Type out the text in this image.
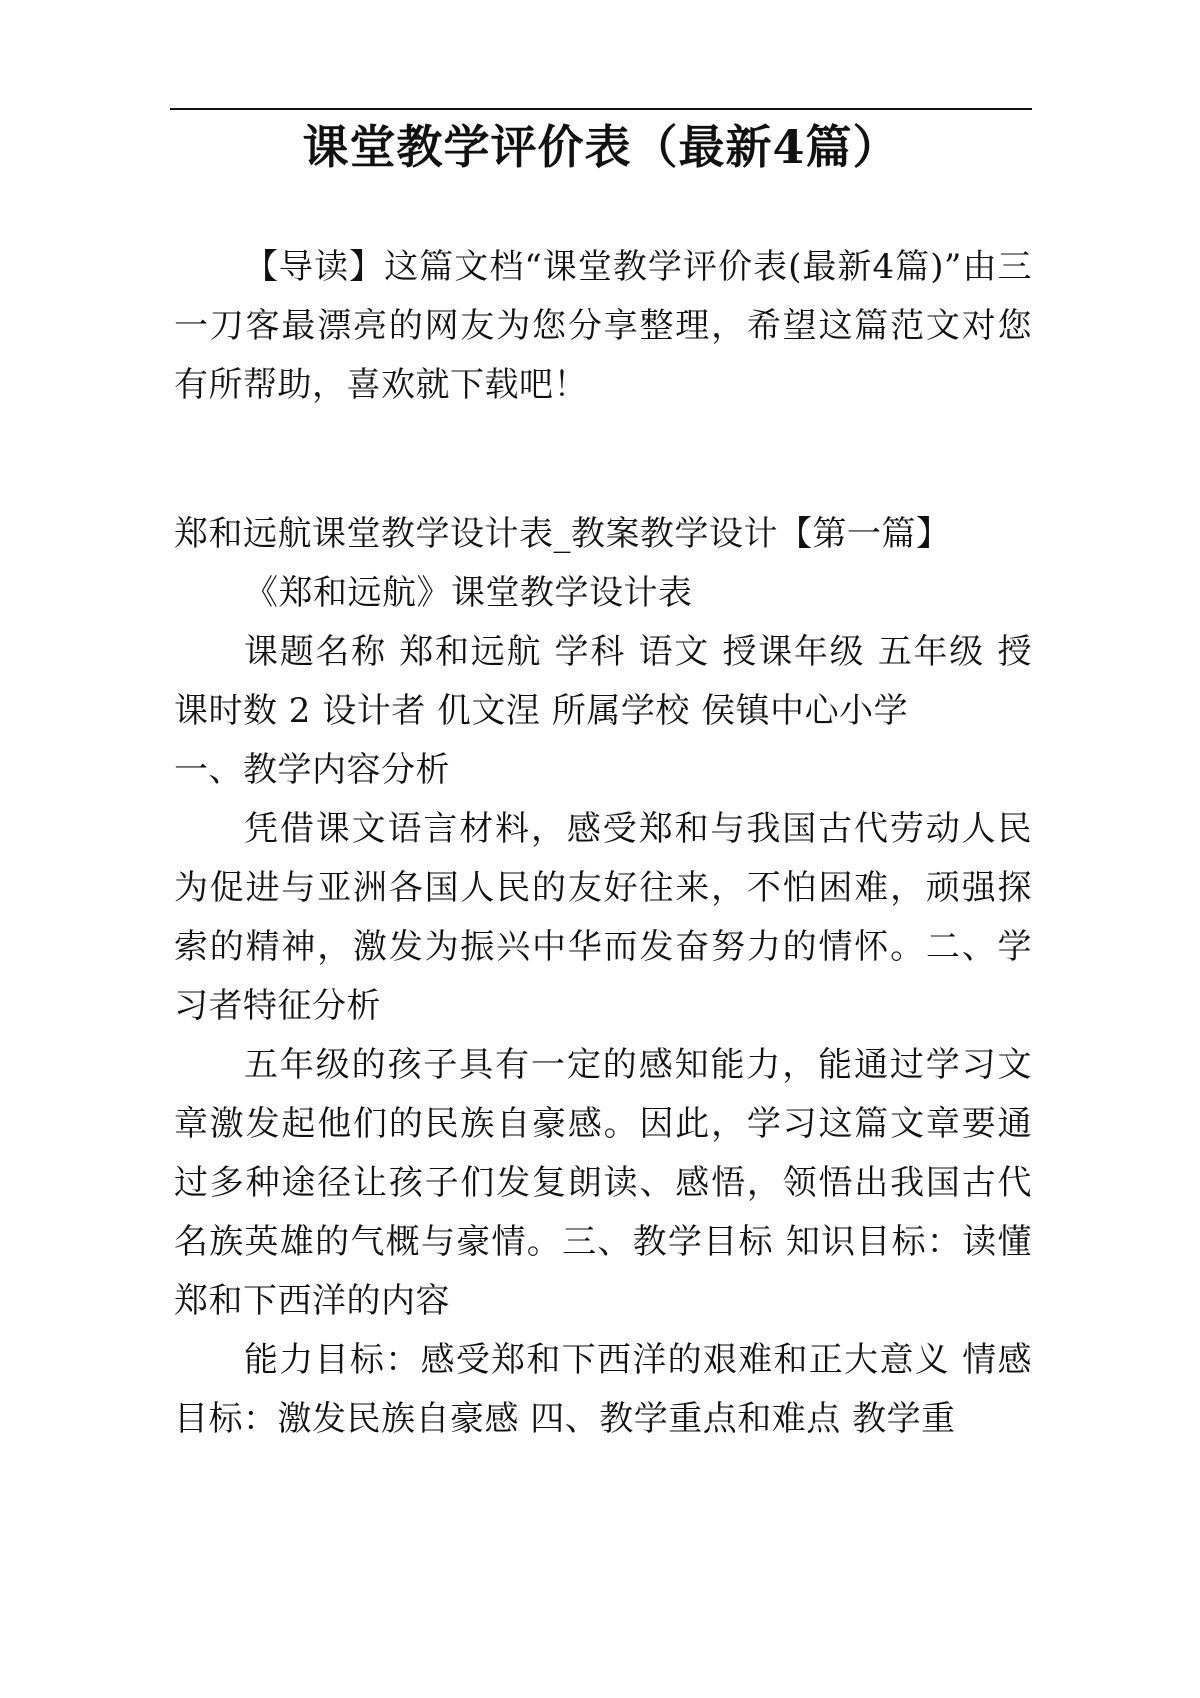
课堂教学评价表（最新4篇）

【导读】这篇文档“课堂教学评价表(最新4篇)”由三一刀客最漂亮的网友为您分享整理，希望这篇范文对您有所帮助，喜欢就下载吧！

郑和远航课堂教学设计表_教案教学设计【第一篇】

《郑和远航》课堂教学设计表

课题名称 郑和远航 学科 语文 授课年级 五年级 授课时数 2 设计者 仉文涅 所属学校 侯镇中心小学

一、教学内容分析

凭借课文语言材料，感受郑和与我国古代劳动人民为促进与亚洲各国人民的友好往来，不怕困难，顽强探索的精神，激发为振兴中华而发奋努力的情怀。二、学习者特征分析

五年级的孩子具有一定的感知能力，能通过学习文章激发起他们的民族自豪感。因此，学习这篇文章要通过多种途径让孩子们发复朗读、感悟，领悟出我国古代名族英雄的气概与豪情。三、教学目标 知识目标：读懂郑和下西洋的内容

能力目标：感受郑和下西洋的艰难和正大意义 情感目标：激发民族自豪感 四、教学重点和难点 教学重
